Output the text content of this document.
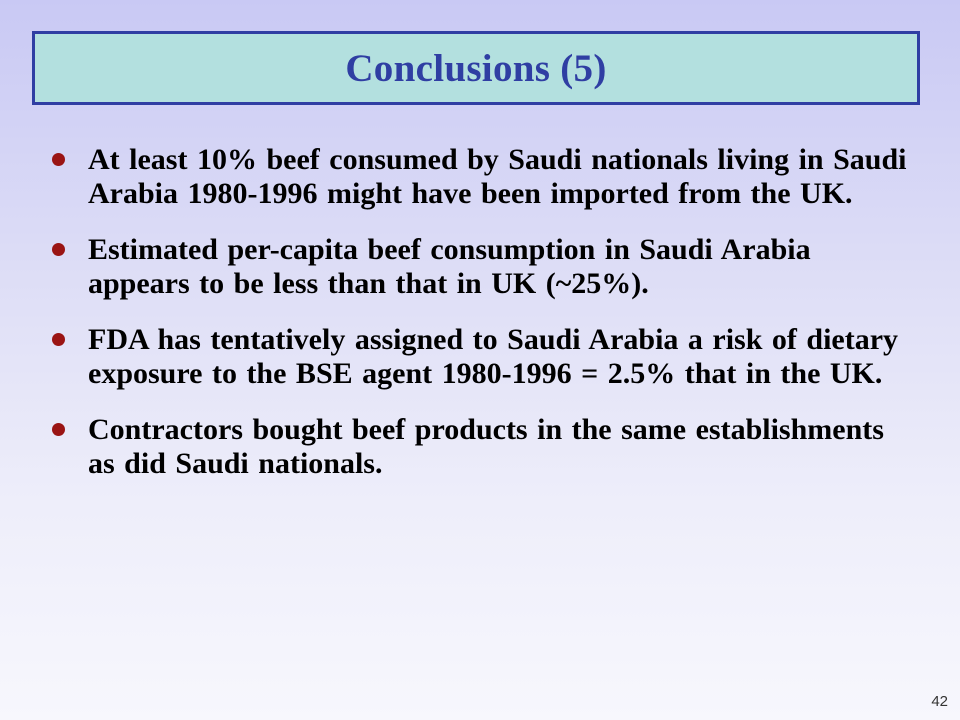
Conclusions (5)
At least 10% beef consumed by Saudi nationals living in Saudi Arabia 1980-1996 might have been imported from the UK.
Estimated per-capita beef consumption in Saudi Arabia appears to be less than that in UK (~25%).
FDA has tentatively assigned to Saudi Arabia a risk of dietary exposure to the BSE agent 1980-1996 = 2.5% that in the UK.
Contractors bought beef products in the same establishments as did Saudi nationals.
42
